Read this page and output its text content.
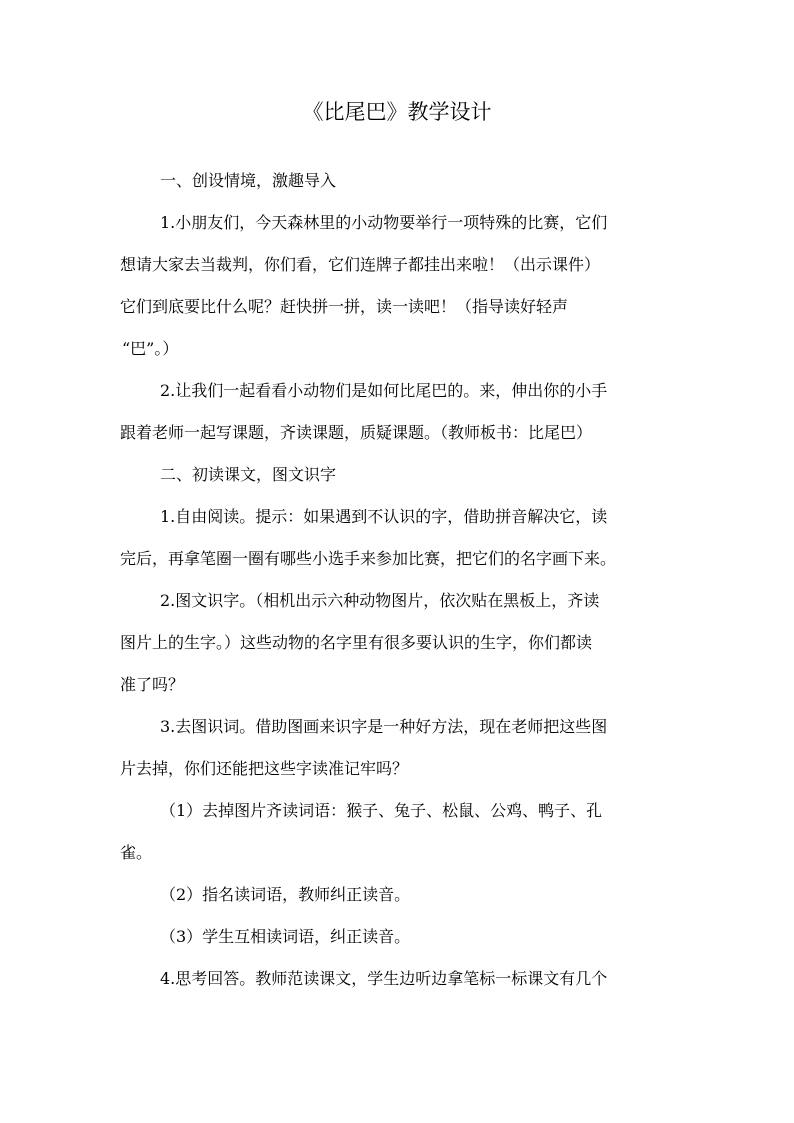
《比尾巴》教学设计
一、创设情境，激趣导入
1.小朋友们，今天森林里的小动物要举行一项特殊的比赛，它们
想请大家去当裁判，你们看，它们连牌子都挂出来啦！（出示课件）
它们到底要比什么呢？赶快拼一拼，读一读吧！（指导读好轻声
“巴”。）
2.让我们一起看看小动物们是如何比尾巴的。来，伸出你的小手
跟着老师一起写课题，齐读课题，质疑课题。（教师板书：比尾巴）
二、初读课文，图文识字
1.自由阅读。提示：如果遇到不认识的字，借助拼音解决它，读
完后，再拿笔圈一圈有哪些小选手来参加比赛，把它们的名字画下来。
2.图文识字。（相机出示六种动物图片，依次贴在黑板上，齐读
图片上的生字。）这些动物的名字里有很多要认识的生字，你们都读
准了吗？
3.去图识词。借助图画来识字是一种好方法，现在老师把这些图
片去掉，你们还能把这些字读准记牢吗？
（1）去掉图片齐读词语：猴子、兔子、松鼠、公鸡、鸭子、孔
雀。
（2）指名读词语，教师纠正读音。
（3）学生互相读词语，纠正读音。
4.思考回答。教师范读课文，学生边听边拿笔标一标课文有几个
